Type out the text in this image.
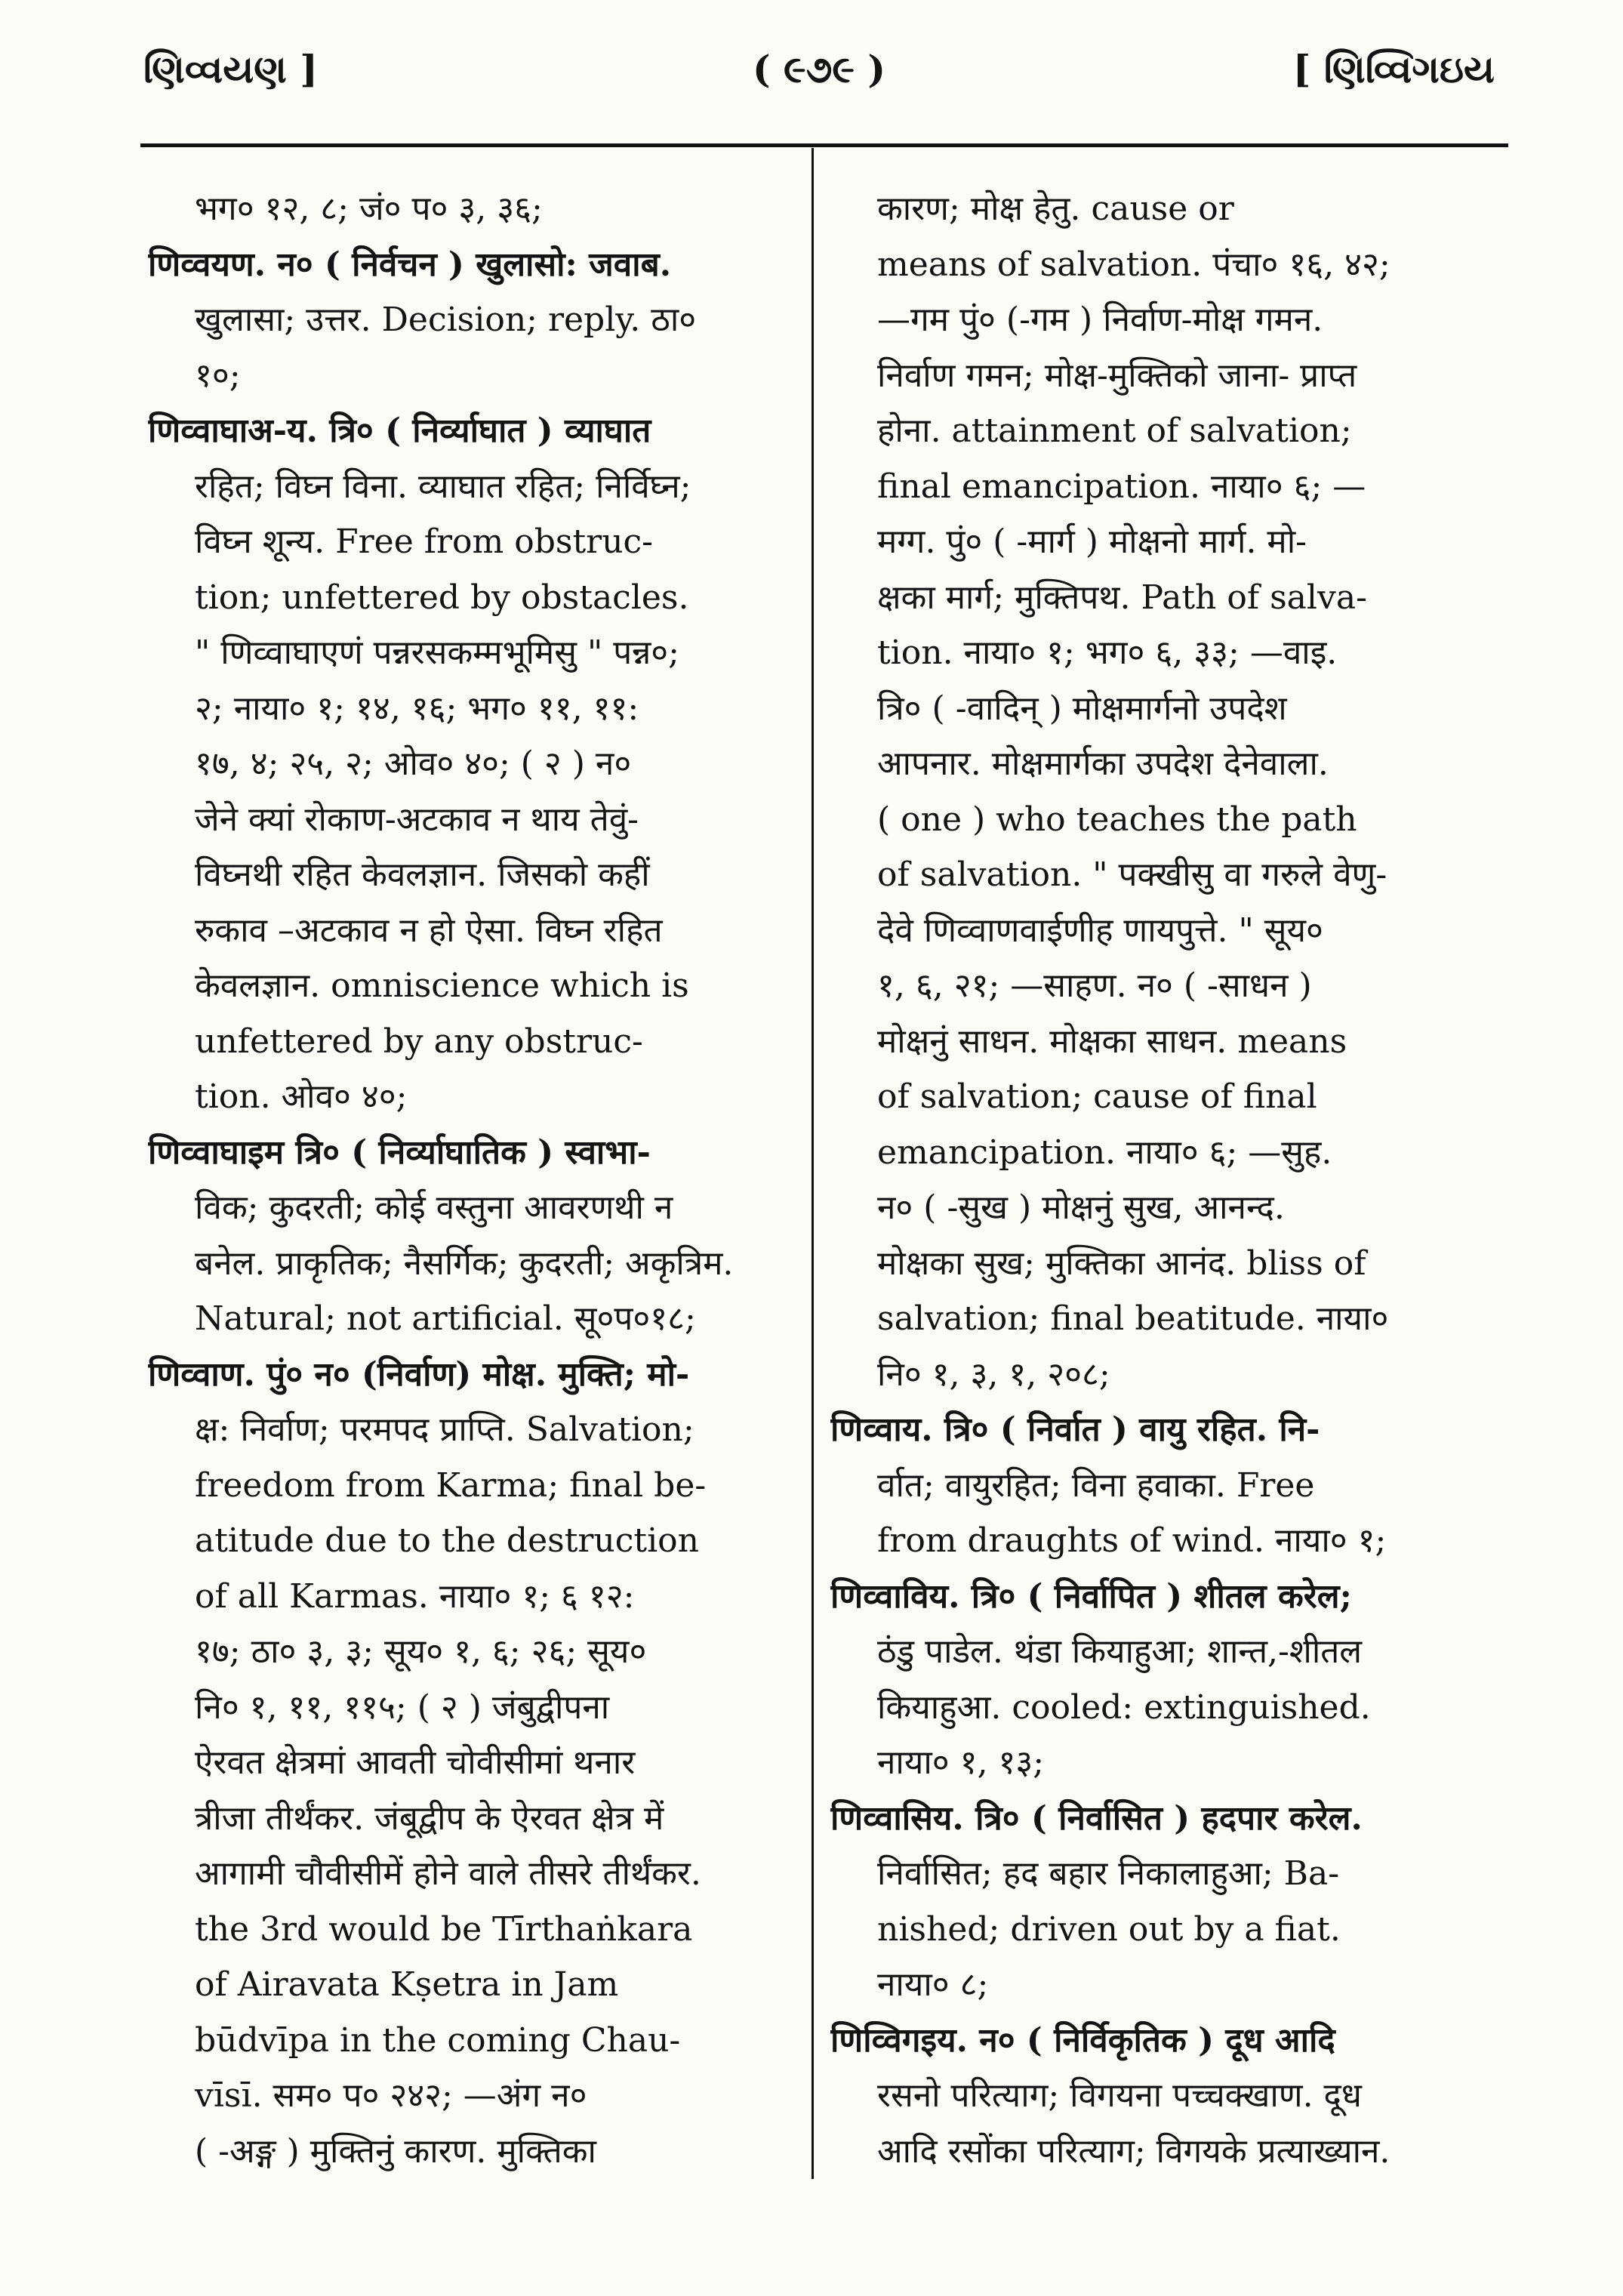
ણિવ્વયણ ]	( ૯૭૯ )	[ ણિવ્વિગઇય
भग० १२, ८; जं० प० ३, ३६;
णिव्वयण. न० ( निर्वचन ) खुलासो: जवाब.
खुलासा; उत्तर. Decision; reply. ठा०
१०;
णिव्वाघाअ-य. त्रि० ( निर्व्याघात ) व्याघात
रहित; विघ्न विना. व्याघात रहित; निर्विघ्न;
विघ्न शून्य. Free from obstruc-
tion; unfettered by obstacles.
" णिव्वाघाएणं पन्नरसकम्मभूमिसु " पन्न०;
२; नाया० १; १४, १६; भग० ११, ११:
१७, ४; २५, २; ओव० ४०; ( २ ) न०
जेने क्यां रोकाण-अटकाव न थाय तेवुं-
विघ्नथी रहित केवलज्ञान. जिसको कहीं
रुकाव –अटकाव न हो ऐसा. विघ्न रहित
केवलज्ञान. omniscience which is
unfettered by any obstruc-
tion. ओव० ४०;
णिव्वाघाइम त्रि० ( निर्व्याघातिक ) स्वाभा-
विक; कुदरती; कोई वस्तुना आवरणथी न
बनेल. प्राकृतिक; नैसर्गिक; कुदरती; अकृत्रिम.
Natural; not artificial. सू०प०१८;
णिव्वाण. पुं० न० (निर्वाण) मोक्ष. मुक्ति; मो-
क्ष: निर्वाण; परमपद प्राप्ति. Salvation;
freedom from Karma; final be-
atitude due to the destruction
of all Karmas. नाया० १; ६ १२:
१७; ठा० ३, ३; सूय० १, ६; २६; सूय०
नि० १, ११, ११५; ( २ ) जंबुद्वीपना
ऐरवत क्षेत्रमां आवती चोवीसीमां थनार
त्रीजा तीर्थंकर. जंबूद्वीप के ऐरवत क्षेत्र में
आगामी चौवीसीमें होने वाले तीसरे तीर्थंकर.
the 3rd would be Tīrthaṅkara
of Airavata Kṣetra in Jam
būdvīpa in the coming Chau-
vīsī. सम० प० २४२; —अंग न०
( -अङ्ग ) मुक्तिनुं कारण. मुक्तिका
कारण; मोक्ष हेतु. cause or
means of salvation. पंचा० १६, ४२;
—गम पुं० (-गम ) निर्वाण-मोक्ष गमन.
निर्वाण गमन; मोक्ष-मुक्तिको जाना- प्राप्त
होना. attainment of salvation;
final emancipation. नाया० ६; —
मग्ग. पुं० ( -मार्ग ) मोक्षनो मार्ग. मो-
क्षका मार्ग; मुक्तिपथ. Path of salva-
tion. नाया० १; भग० ६, ३३; —वाइ.
त्रि० ( -वादिन् ) मोक्षमार्गनो उपदेश
आपनार. मोक्षमार्गका उपदेश देनेवाला.
( one ) who teaches the path
of salvation. " पक्खीसु वा गरुले वेणु-
देवे णिव्वाणवाईणीह णायपुत्ते. " सूय०
१, ६, २१; —साहण. न० ( -साधन )
मोक्षनुं साधन. मोक्षका साधन. means
of salvation; cause of final
emancipation. नाया० ६; —सुह.
न० ( -सुख ) मोक्षनुं सुख, आनन्द.
मोक्षका सुख; मुक्तिका आनंद. bliss of
salvation; final beatitude. नाया०
नि० १, ३, १, २०८;
णिव्वाय. त्रि० ( निर्वात ) वायु रहित. नि-
र्वात; वायुरहित; विना हवाका. Free
from draughts of wind. नाया० १;
णिव्वाविय. त्रि० ( निर्वापित ) शीतल करेल;
ठंडु पाडेल. थंडा कियाहुआ; शान्त,-शीतल
कियाहुआ. cooled: extinguished.
नाया० १, १३;
णिव्वासिय. त्रि० ( निर्वासित ) हदपार करेल.
निर्वासित; हद बहार निकालाहुआ; Ba-
nished; driven out by a fiat.
नाया० ८;
णिव्विगइय. न० ( निर्विकृतिक ) दूध आदि
रसनो परित्याग; विगयना पच्चक्खाण. दूध
आदि रसोंका परित्याग; विगयके प्रत्याख्यान.
